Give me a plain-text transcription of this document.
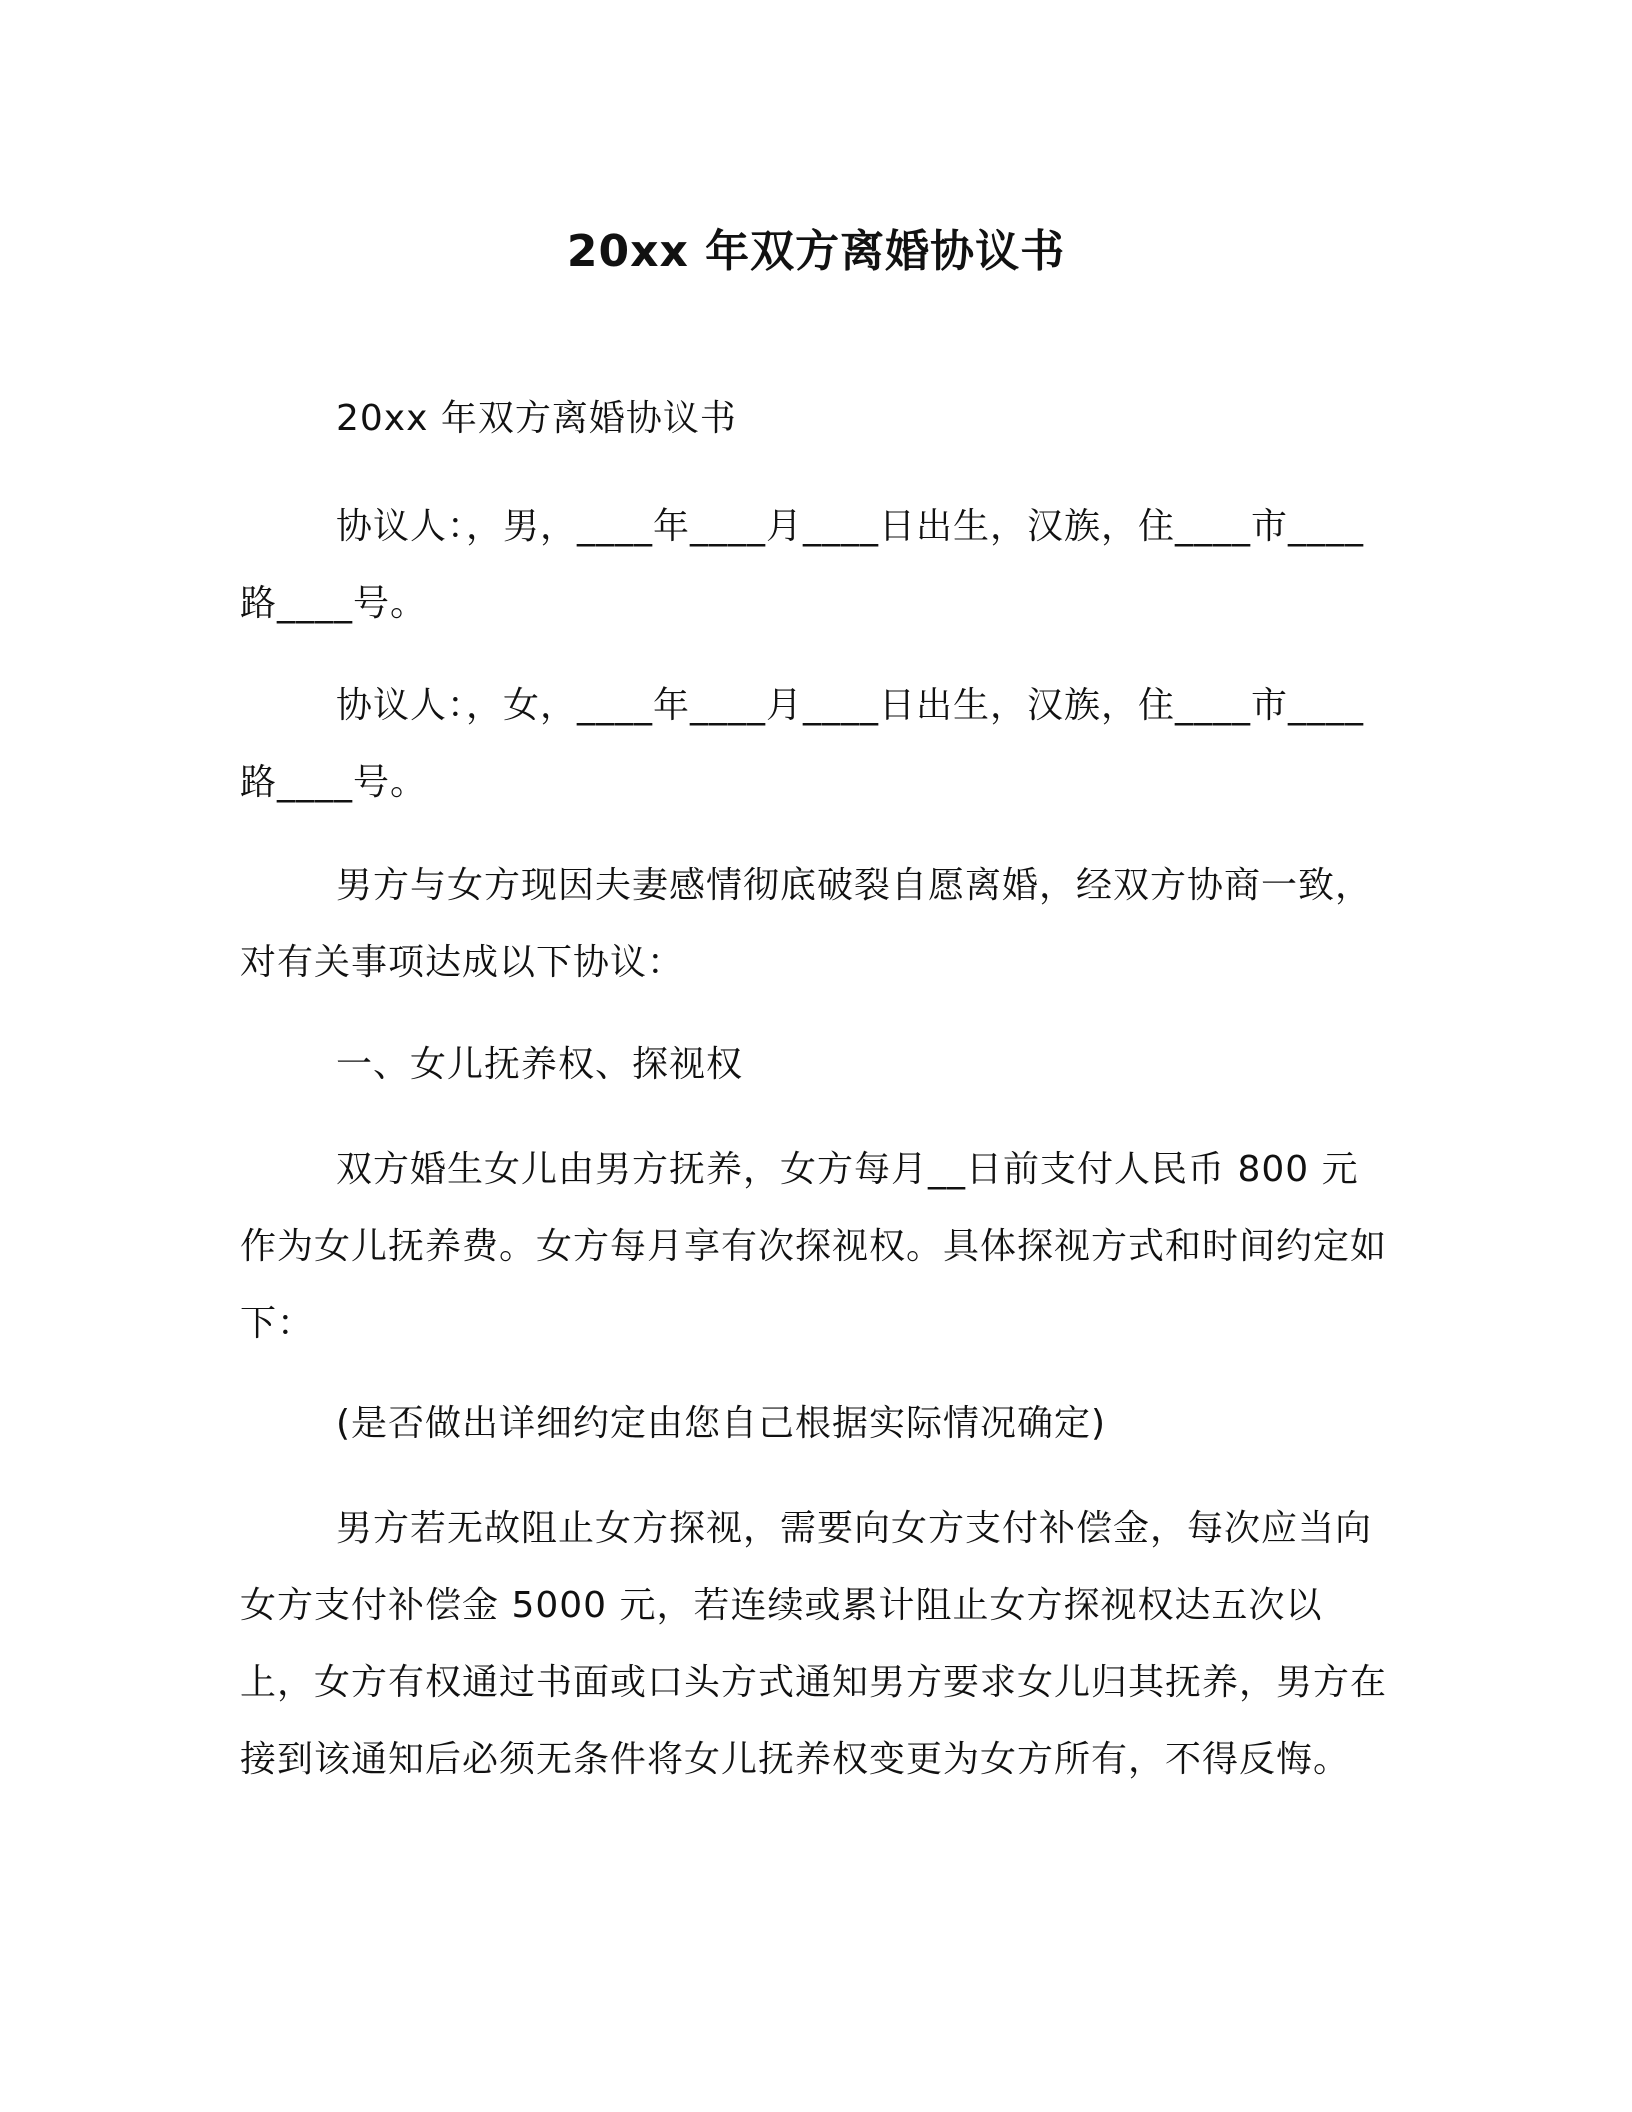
20xx 年双方离婚协议书

20xx 年双方离婚协议书

协议人：，男，____年____月____日出生，汉族，住____市____路____号。

协议人：，女，____年____月____日出生，汉族，住____市____路____号。

男方与女方现因夫妻感情彻底破裂自愿离婚，经双方协商一致，对有关事项达成以下协议：

一、女儿抚养权、探视权

双方婚生女儿由男方抚养，女方每月__日前支付人民币 800 元作为女儿抚养费。女方每月享有次探视权。具体探视方式和时间约定如下：

(是否做出详细约定由您自己根据实际情况确定)

男方若无故阻止女方探视，需要向女方支付补偿金，每次应当向女方支付补偿金 5000 元，若连续或累计阻止女方探视权达五次以上，女方有权通过书面或口头方式通知男方要求女儿归其抚养，男方在接到该通知后必须无条件将女儿抚养权变更为女方所有，不得反悔。
